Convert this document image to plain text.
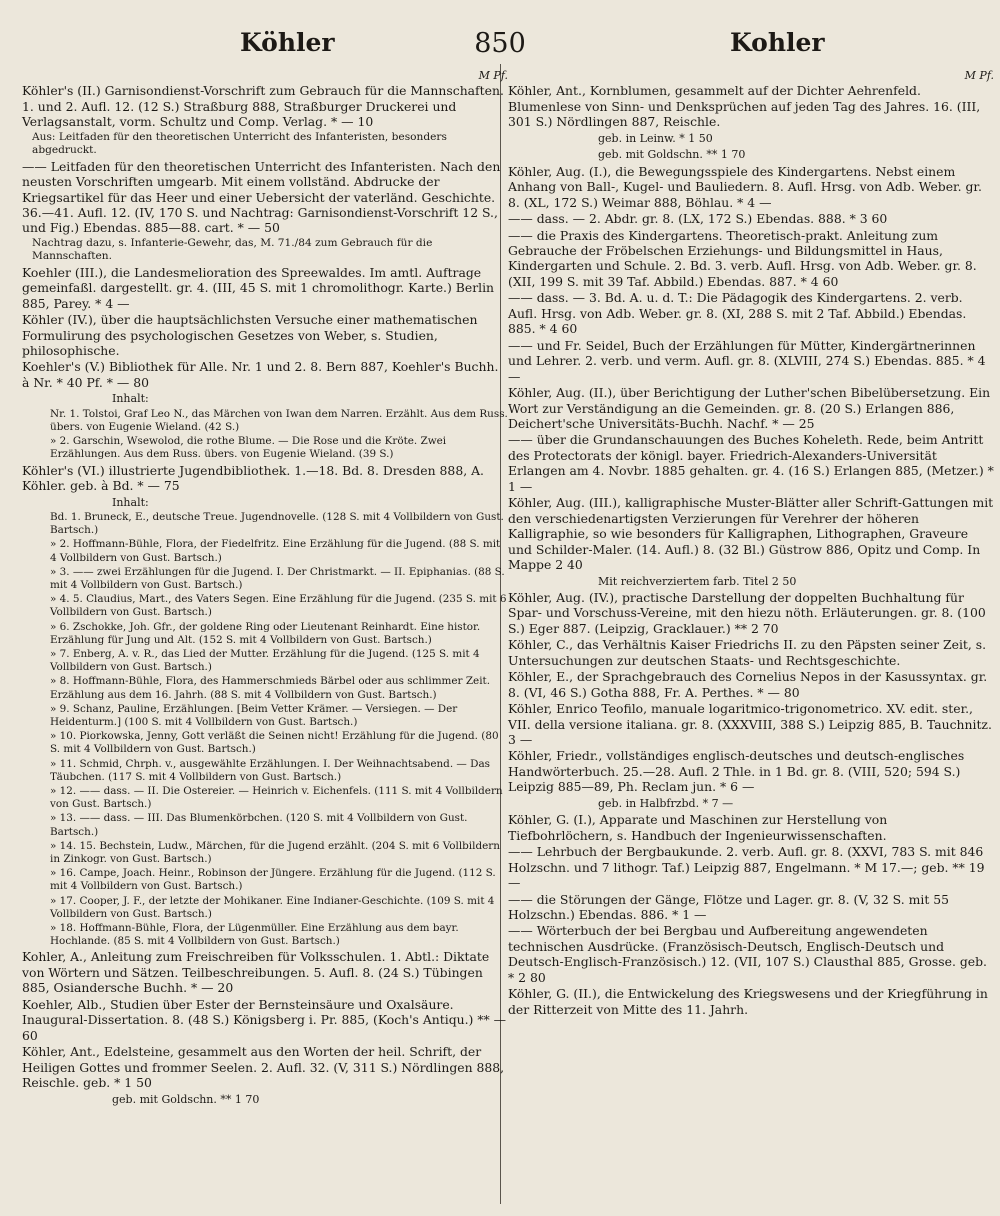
Köhler	850	Kohler
M Pf.
Köhler's (II.) Garnisondienst-Vorschrift zum Gebrauch für die Mannschaften. 1. und 2. Aufl. 12. (12 S.) Straßburg 888, Straßburger Druckerei und Verlagsanstalt, vorm. Schultz und Comp. Verlag. * — 10
Aus: Leitfaden für den theoretischen Unterricht des Infanteristen, besonders abgedruckt.
—— Leitfaden für den theoretischen Unterricht des Infanteristen. Nach den neusten Vorschriften umgearb. Mit einem vollständ. Abdrucke der Kriegsartikel für das Heer und einer Uebersicht der vaterländ. Geschichte. 36.—41. Aufl. 12. (IV, 170 S. und Nachtrag: Garnisondienst-Vorschrift 12 S., und Fig.) Ebendas. 885—88. cart. * — 50
Nachtrag dazu, s. Infanterie-Gewehr, das, M. 71./84 zum Gebrauch für die Mannschaften.
Koehler (III.), die Landesmelioration des Spreewaldes. Im amtl. Auftrage gemeinfaßl. dargestellt. gr. 4. (III, 45 S. mit 1 chromolithogr. Karte.) Berlin 885, Parey. * 4 —
Köhler (IV.), über die hauptsächlichsten Versuche einer mathematischen Formulirung des psychologischen Gesetzes von Weber, s. Studien, philosophische.
Koehler's (V.) Bibliothek für Alle. Nr. 1 und 2. 8. Bern 887, Koehler's Buchh. à Nr. * 40 Pf. * — 80
Inhalt:
Nr. 1. Tolstoi, Graf Leo N., das Märchen von Iwan dem Narren. Erzählt. Aus dem Russ. übers. von Eugenie Wieland. (42 S.)
» 2. Garschin, Wsewolod, die rothe Blume. — Die Rose und die Kröte. Zwei Erzählungen. Aus dem Russ. übers. von Eugenie Wieland. (39 S.)
Köhler's (VI.) illustrierte Jugendbibliothek. 1.—18. Bd. 8. Dresden 888, A. Köhler. geb. à Bd. * — 75
Inhalt:
Bd. 1. Bruneck, E., deutsche Treue. Jugendnovelle. (128 S. mit 4 Vollbildern von Gust. Bartsch.)
» 2. Hoffmann-Bühle, Flora, der Fiedelfritz. Eine Erzählung für die Jugend. (88 S. mit 4 Vollbildern von Gust. Bartsch.)
» 3. —— zwei Erzählungen für die Jugend. I. Der Christmarkt. — II. Epiphanias. (88 S. mit 4 Vollbildern von Gust. Bartsch.)
» 4. 5. Claudius, Mart., des Vaters Segen. Eine Erzählung für die Jugend. (235 S. mit 6 Vollbildern von Gust. Bartsch.)
» 6. Zschokke, Joh. Gfr., der goldene Ring oder Lieutenant Reinhardt. Eine histor. Erzählung für Jung und Alt. (152 S. mit 4 Vollbildern von Gust. Bartsch.)
» 7. Enberg, A. v. R., das Lied der Mutter. Erzählung für die Jugend. (125 S. mit 4 Vollbildern von Gust. Bartsch.)
» 8. Hoffmann-Bühle, Flora, des Hammerschmieds Bärbel oder aus schlimmer Zeit. Erzählung aus dem 16. Jahrh. (88 S. mit 4 Vollbildern von Gust. Bartsch.)
» 9. Schanz, Pauline, Erzählungen. [Beim Vetter Krämer. — Versiegen. — Der Heidenturm.] (100 S. mit 4 Vollbildern von Gust. Bartsch.)
» 10. Piorkowska, Jenny, Gott verläßt die Seinen nicht! Erzählung für die Jugend. (80 S. mit 4 Vollbildern von Gust. Bartsch.)
» 11. Schmid, Chrph. v., ausgewählte Erzählungen. I. Der Weihnachtsabend. — Das Täubchen. (117 S. mit 4 Vollbildern von Gust. Bartsch.)
» 12. —— dass. — II. Die Ostereier. — Heinrich v. Eichenfels. (111 S. mit 4 Vollbildern von Gust. Bartsch.)
» 13. —— dass. — III. Das Blumenkörbchen. (120 S. mit 4 Vollbildern von Gust. Bartsch.)
» 14. 15. Bechstein, Ludw., Märchen, für die Jugend erzählt. (204 S. mit 6 Vollbildern in Zinkogr. von Gust. Bartsch.)
» 16. Campe, Joach. Heinr., Robinson der Jüngere. Erzählung für die Jugend. (112 S. mit 4 Vollbildern von Gust. Bartsch.)
» 17. Cooper, J. F., der letzte der Mohikaner. Eine Indianer-Geschichte. (109 S. mit 4 Vollbildern von Gust. Bartsch.)
» 18. Hoffmann-Bühle, Flora, der Lügenmüller. Eine Erzählung aus dem bayr. Hochlande. (85 S. mit 4 Vollbildern von Gust. Bartsch.)
Kohler, A., Anleitung zum Freischreiben für Volksschulen. 1. Abtl.: Diktate von Wörtern und Sätzen. Teilbeschreibungen. 5. Aufl. 8. (24 S.) Tübingen 885, Osiandersche Buchh. * — 20
Koehler, Alb., Studien über Ester der Bernsteinsäure und Oxalsäure. Inaugural-Dissertation. 8. (48 S.) Königsberg i. Pr. 885, (Koch's Antiqu.) ** — 60
Köhler, Ant., Edelsteine, gesammelt aus den Worten der heil. Schrift, der Heiligen Gottes und frommer Seelen. 2. Aufl. 32. (V, 311 S.) Nördlingen 888, Reischle. geb. * 1 50
geb. mit Goldschn. ** 1 70
M Pf.
Köhler, Ant., Kornblumen, gesammelt auf der Dichter Aehrenfeld. Blumenlese von Sinn- und Denksprüchen auf jeden Tag des Jahres. 16. (III, 301 S.) Nördlingen 887, Reischle.
geb. in Leinw. * 1 50
geb. mit Goldschn. ** 1 70
Köhler, Aug. (I.), die Bewegungsspiele des Kindergartens. Nebst einem Anhang von Ball-, Kugel- und Bauliedern. 8. Aufl. Hrsg. von Adb. Weber. gr. 8. (XL, 172 S.) Weimar 888, Böhlau. * 4 —
—— dass. — 2. Abdr. gr. 8. (LX, 172 S.) Ebendas. 888. * 3 60
—— die Praxis des Kindergartens. Theoretisch-prakt. Anleitung zum Gebrauche der Fröbelschen Erziehungs- und Bildungsmittel in Haus, Kindergarten und Schule. 2. Bd. 3. verb. Aufl. Hrsg. von Adb. Weber. gr. 8. (XII, 199 S. mit 39 Taf. Abbild.) Ebendas. 887. * 4 60
—— dass. — 3. Bd. A. u. d. T.: Die Pädagogik des Kindergartens. 2. verb. Aufl. Hrsg. von Adb. Weber. gr. 8. (XI, 288 S. mit 2 Taf. Abbild.) Ebendas. 885. * 4 60
—— und Fr. Seidel, Buch der Erzählungen für Mütter, Kindergärtnerinnen und Lehrer. 2. verb. und verm. Aufl. gr. 8. (XLVIII, 274 S.) Ebendas. 885. * 4 —
Köhler, Aug. (II.), über Berichtigung der Luther'schen Bibelübersetzung. Ein Wort zur Verständigung an die Gemeinden. gr. 8. (20 S.) Erlangen 886, Deichert'sche Universitäts-Buchh. Nachf. * — 25
—— über die Grundanschauungen des Buches Koheleth. Rede, beim Antritt des Protectorats der königl. bayer. Friedrich-Alexanders-Universität Erlangen am 4. Novbr. 1885 gehalten. gr. 4. (16 S.) Erlangen 885, (Metzer.) * 1 —
Köhler, Aug. (III.), kalligraphische Muster-Blätter aller Schrift-Gattungen mit den verschiedenartigsten Verzierungen für Verehrer der höheren Kalligraphie, so wie besonders für Kalligraphen, Lithographen, Graveure und Schilder-Maler. (14. Aufl.) 8. (32 Bl.) Güstrow 886, Opitz und Comp. In Mappe 2 40
Mit reichverziertem farb. Titel 2 50
Köhler, Aug. (IV.), practische Darstellung der doppelten Buchhaltung für Spar- und Vorschuss-Vereine, mit den hiezu nöth. Erläuterungen. gr. 8. (100 S.) Eger 887. (Leipzig, Gracklauer.) ** 2 70
Köhler, C., das Verhältnis Kaiser Friedrichs II. zu den Päpsten seiner Zeit, s. Untersuchungen zur deutschen Staats- und Rechtsgeschichte.
Köhler, E., der Sprachgebrauch des Cornelius Nepos in der Kasussyntax. gr. 8. (VI, 46 S.) Gotha 888, Fr. A. Perthes. * — 80
Köhler, Enrico Teofilo, manuale logaritmico-trigonometrico. XV. edit. ster., VII. della versione italiana. gr. 8. (XXXVIII, 388 S.) Leipzig 885, B. Tauchnitz. 3 —
Köhler, Friedr., vollständiges englisch-deutsches und deutsch-englisches Handwörterbuch. 25.—28. Aufl. 2 Thle. in 1 Bd. gr. 8. (VIII, 520; 594 S.) Leipzig 885—89, Ph. Reclam jun. * 6 —
geb. in Halbfrzbd. * 7 —
Köhler, G. (I.), Apparate und Maschinen zur Herstellung von Tiefbohrlöchern, s. Handbuch der Ingenieurwissenschaften.
—— Lehrbuch der Bergbaukunde. 2. verb. Aufl. gr. 8. (XXVI, 783 S. mit 846 Holzschn. und 7 lithogr. Taf.) Leipzig 887, Engelmann. * M 17.—; geb. ** 19 —
—— die Störungen der Gänge, Flötze und Lager. gr. 8. (V, 32 S. mit 55 Holzschn.) Ebendas. 886. * 1 —
—— Wörterbuch der bei Bergbau und Aufbereitung angewendeten technischen Ausdrücke. (Französisch-Deutsch, Englisch-Deutsch und Deutsch-Englisch-Französisch.) 12. (VII, 107 S.) Clausthal 885, Grosse. geb. * 2 80
Köhler, G. (II.), die Entwickelung des Kriegswesens und der Kriegführung in der Ritterzeit von Mitte des 11. Jahrh.
